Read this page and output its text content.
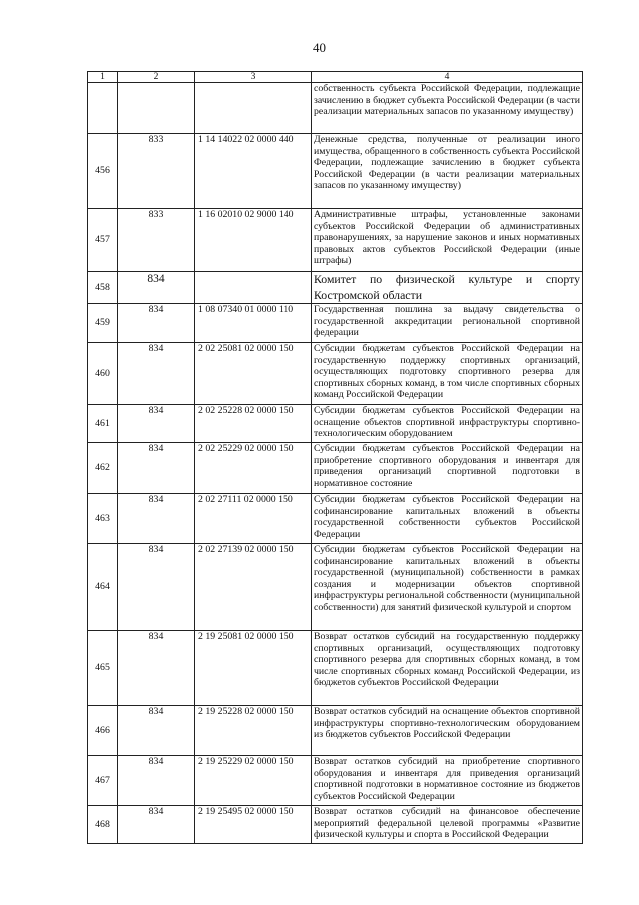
40
1	2	3	4
			собственность субъекта Российской Федерации, подлежащие зачислению в бюджет субъекта Российской Федерации (в части реализации материальных запасов по указанному имуществу)
456	833	1 14 14022 02 0000 440	Денежные средства, полученные от реализации иного имущества, обращенного в собственность субъекта Российской Федерации, подлежащие зачислению в бюджет субъекта Российской Федерации (в части реализации материальных запасов по указанному имуществу)
457	833	1 16 02010 02 9000 140	Административные штрафы, установленные законами субъектов Российской Федерации об административных правонарушениях, за нарушение законов и иных нормативных правовых актов субъектов Российской Федерации (иные штрафы)
458	834		Комитет по физической культуре и спорту Костромской области
459	834	1 08 07340 01 0000 110	Государственная пошлина за выдачу свидетельства о государственной аккредитации региональной спортивной федерации
460	834	2 02 25081 02 0000 150	Субсидии бюджетам субъектов Российской Федерации на государственную поддержку спортивных организаций, осуществляющих подготовку спортивного резерва для спортивных сборных команд, в том числе спортивных сборных команд Российской Федерации
461	834	2 02 25228 02 0000 150	Субсидии бюджетам субъектов Российской Федерации на оснащение объектов спортивной инфраструктуры спортивно-технологическим оборудованием
462	834	2 02 25229 02 0000 150	Субсидии бюджетам субъектов Российской Федерации на приобретение спортивного оборудования и инвентаря для приведения организаций спортивной подготовки в нормативное состояние
463	834	2 02 27111 02 0000 150	Субсидии бюджетам субъектов Российской Федерации на софинансирование капитальных вложений в объекты государственной собственности субъектов Российской Федерации
464	834	2 02 27139 02 0000 150	Субсидии бюджетам субъектов Российской Федерации на софинансирование капитальных вложений в объекты государственной (муниципальной) собственности в рамках создания и модернизации объектов спортивной инфраструктуры региональной собственности (муниципальной собственности) для занятий физической культурой и спортом
465	834	2 19 25081 02 0000 150	Возврат остатков субсидий на государственную поддержку спортивных организаций, осуществляющих подготовку спортивного резерва для спортивных сборных команд, в том числе спортивных сборных команд Российской Федерации, из бюджетов субъектов Российской Федерации
466	834	2 19 25228 02 0000 150	Возврат остатков субсидий на оснащение объектов спортивной инфраструктуры спортивно-технологическим оборудованием из бюджетов субъектов Российской Федерации
467	834	2 19 25229 02 0000 150	Возврат остатков субсидий на приобретение спортивного оборудования и инвентаря для приведения организаций спортивной подготовки в нормативное состояние из бюджетов субъектов Российской Федерации
468	834	2 19 25495 02 0000 150	Возврат остатков субсидий на финансовое обеспечение мероприятий федеральной целевой программы «Развитие физической культуры и спорта в Российской Федерации
